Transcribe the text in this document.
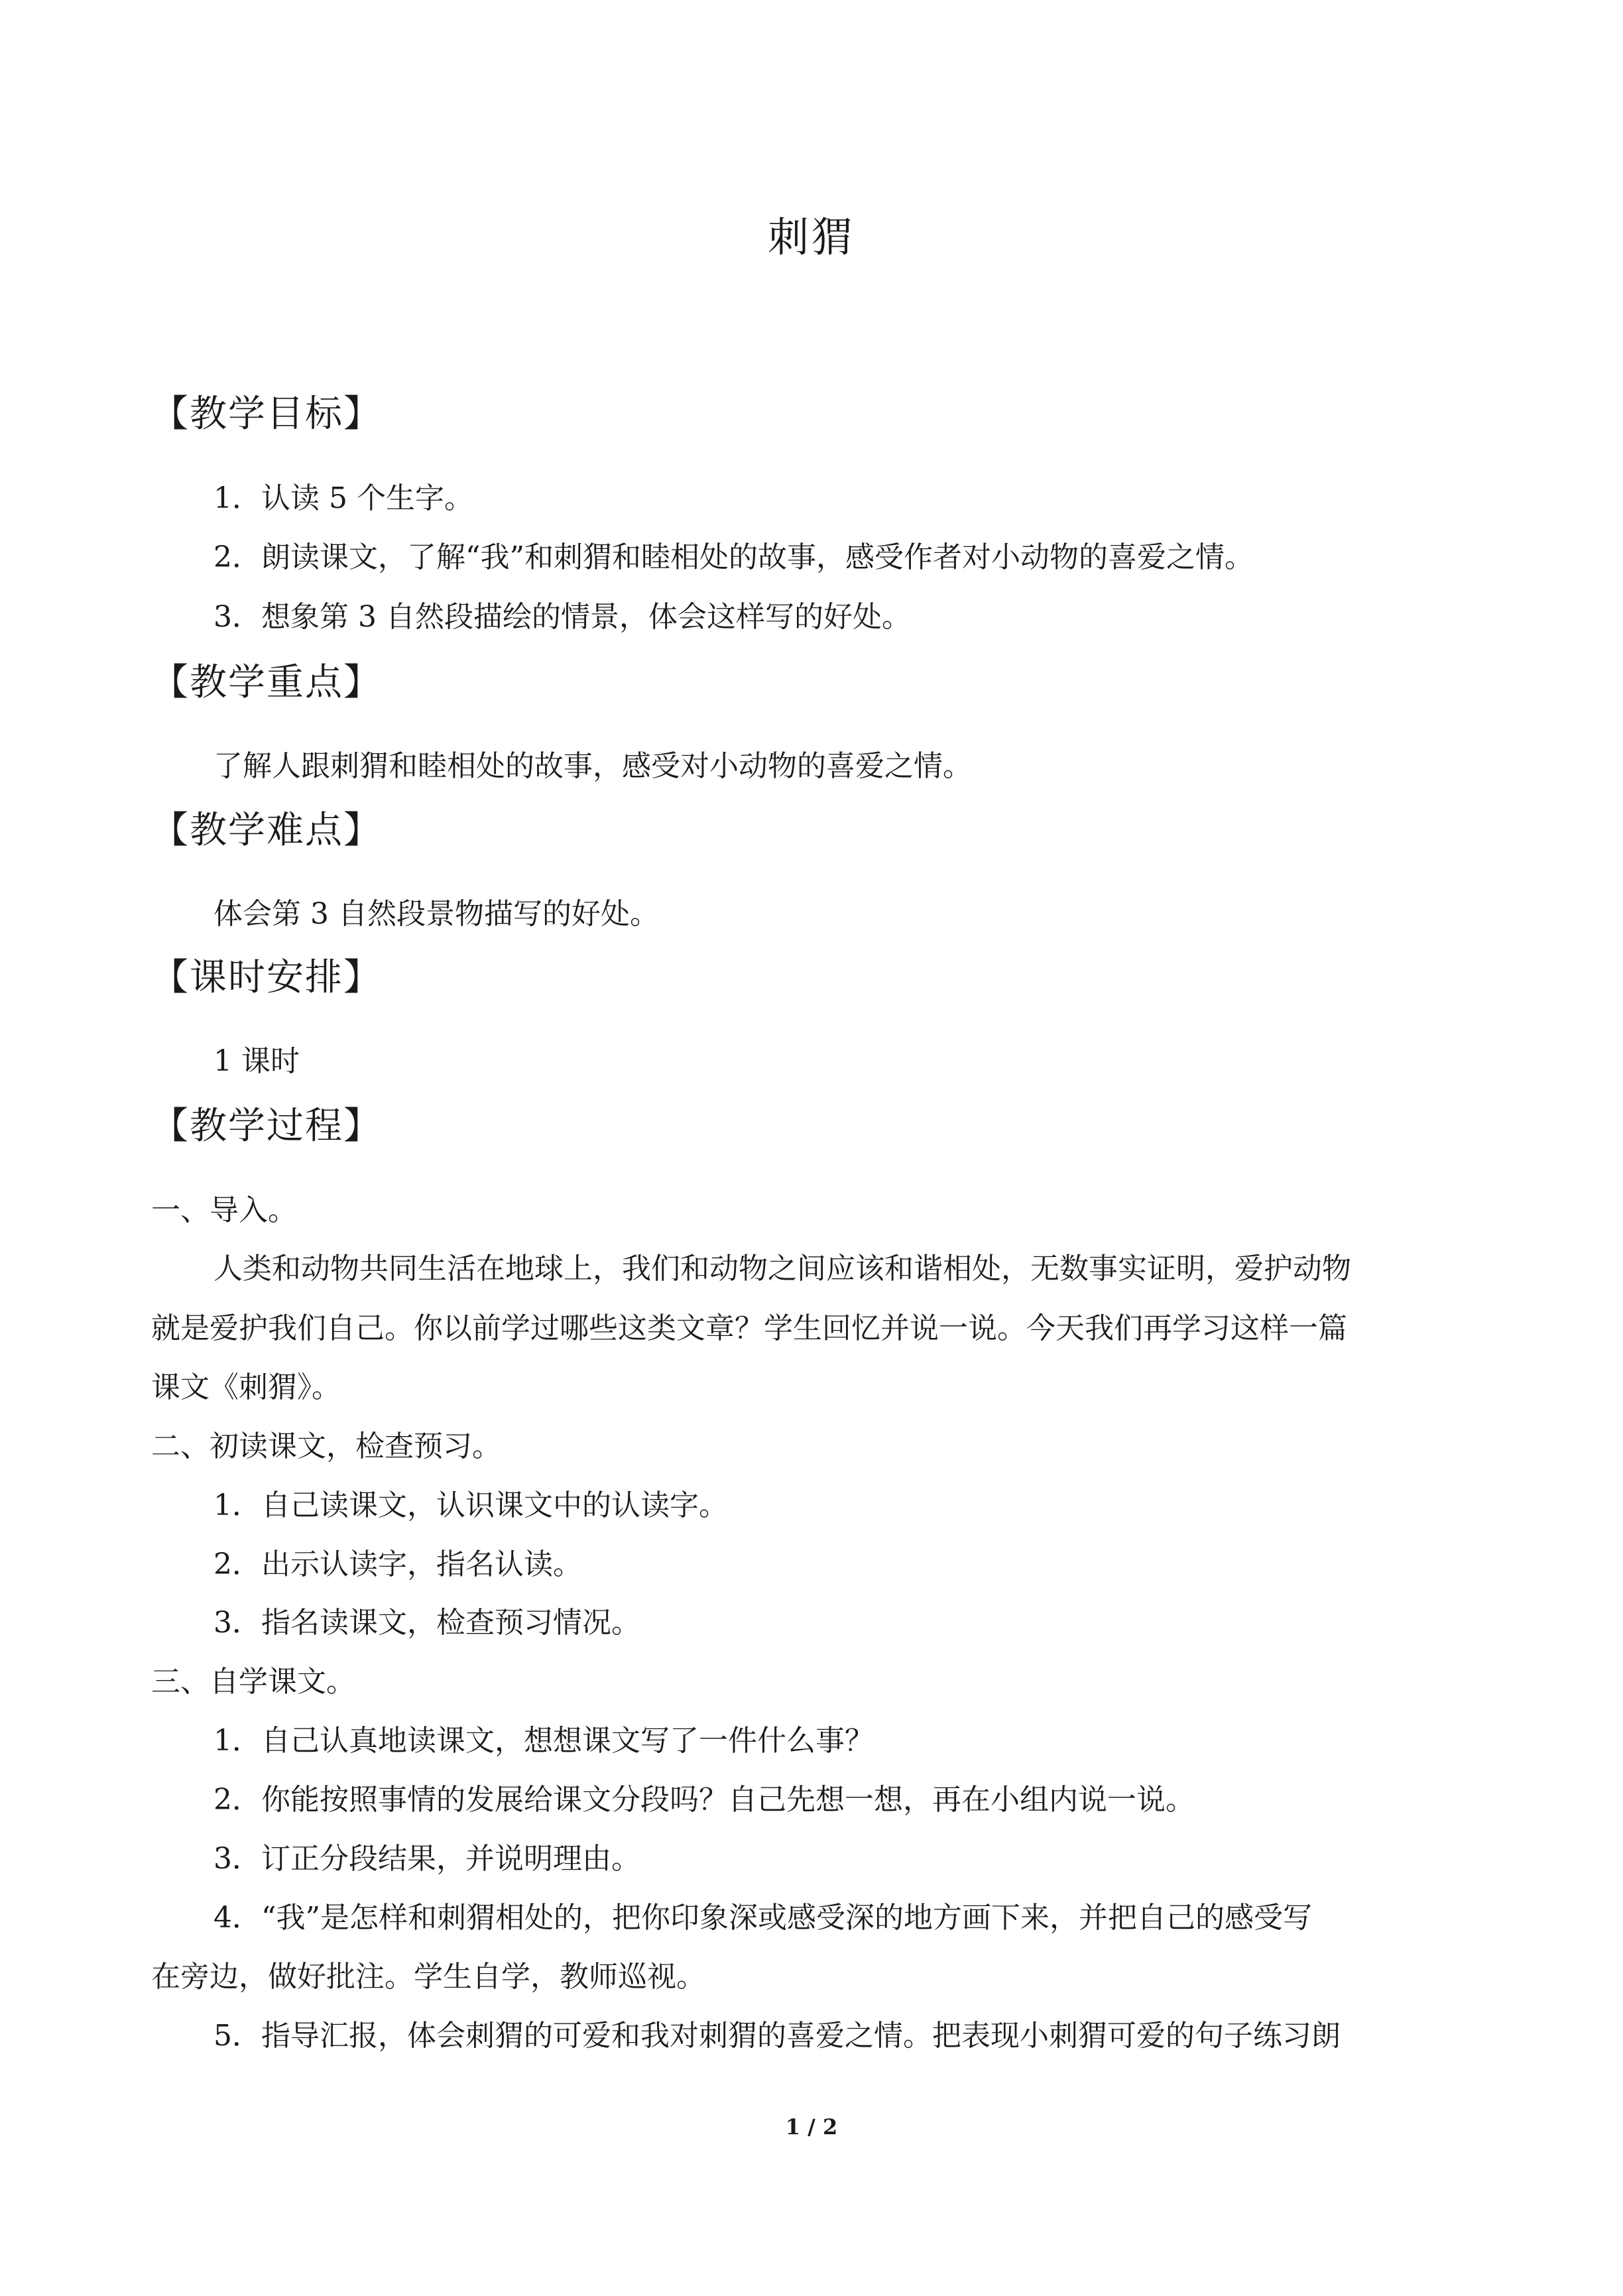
刺猬
【教学目标】
1．认读 5 个生字。
2．朗读课文，了解“我”和刺猬和睦相处的故事，感受作者对小动物的喜爱之情。
3．想象第 3 自然段描绘的情景，体会这样写的好处。
【教学重点】
了解人跟刺猬和睦相处的故事，感受对小动物的喜爱之情。
【教学难点】
体会第 3 自然段景物描写的好处。
【课时安排】
1 课时
【教学过程】
一、导入。
人类和动物共同生活在地球上，我们和动物之间应该和谐相处，无数事实证明，爱护动物
就是爱护我们自己。你以前学过哪些这类文章？学生回忆并说一说。今天我们再学习这样一篇
课文《刺猬》。
二、初读课文，检查预习。
1．自己读课文，认识课文中的认读字。
2．出示认读字，指名认读。
3．指名读课文，检查预习情况。
三、自学课文。
1．自己认真地读课文，想想课文写了一件什么事？
2．你能按照事情的发展给课文分段吗？自己先想一想，再在小组内说一说。
3．订正分段结果，并说明理由。
4．“我”是怎样和刺猬相处的，把你印象深或感受深的地方画下来，并把自己的感受写
在旁边，做好批注。学生自学，教师巡视。
5．指导汇报，体会刺猬的可爱和我对刺猬的喜爱之情。把表现小刺猬可爱的句子练习朗
1 / 2
